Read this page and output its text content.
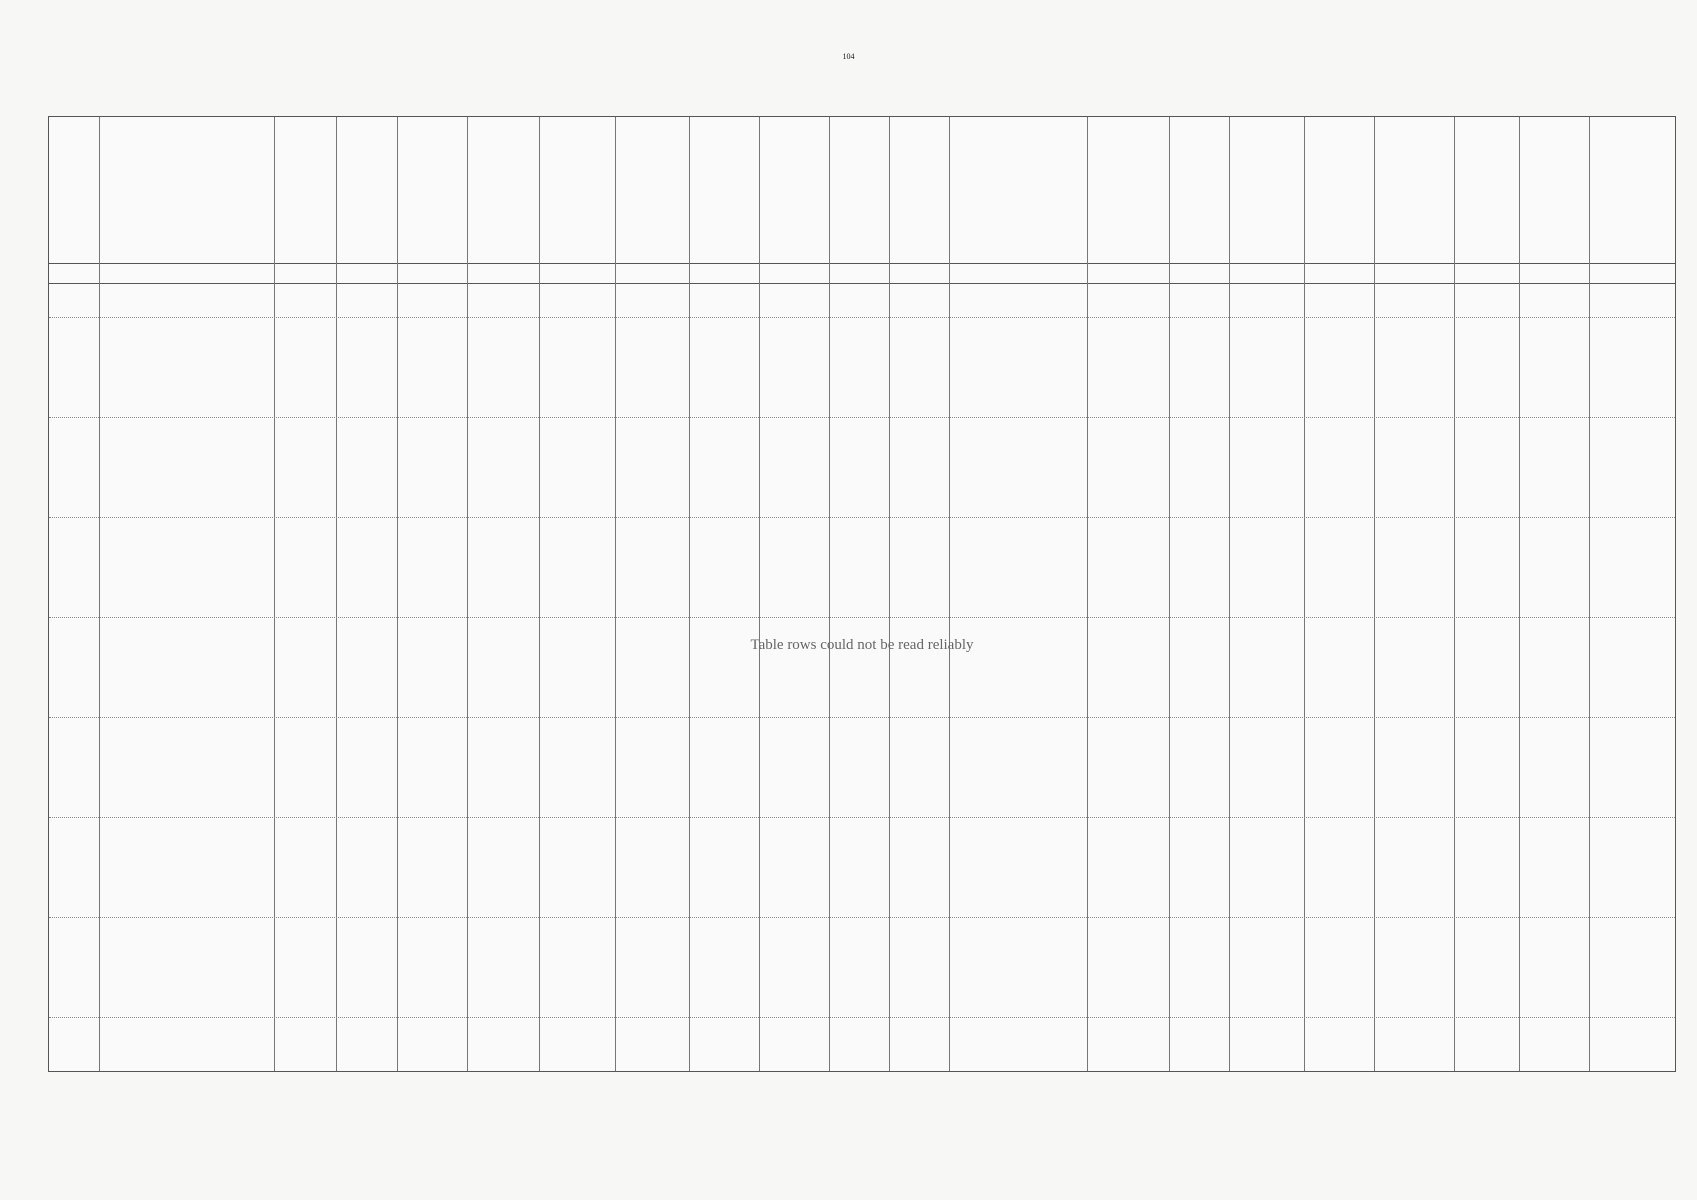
104
Table rows could not be read reliably
